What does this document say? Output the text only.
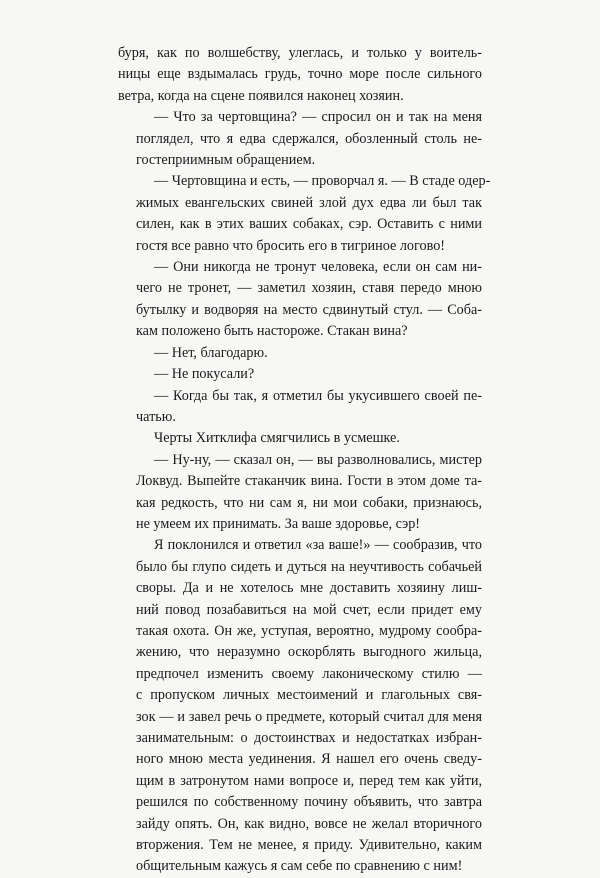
буря, как по волшебству, улеглась, и только у воитель-
ницы еще вздымалась грудь, точно море после сильного
ветра, когда на сцене появился наконец хозяин.

— Что за чертовщина? — спросил он и так на меня
поглядел, что я едва сдержался, обозленный столь не-
гостеприимным обращением.

— Чертовщина и есть, — проворчал я. — В стаде одер-
жимых евангельских свиней злой дух едва ли был так
силен, как в этих ваших собаках, сэр. Оставить с ними
гостя все равно что бросить его в тигриное логово!

— Они никогда не тронут человека, если он сам ни-
чего не тронет, — заметил хозяин, ставя передо мною
бутылку и водворяя на место сдвинутый стул. — Соба-
кам положено быть настороже. Стакан вина?

— Нет, благодарю.

— Не покусали?

— Когда бы так, я отметил бы укусившего своей пе-
чатью.

Черты Хитклифа смягчились в усмешке.

— Ну-ну, — сказал он, — вы разволновались, мистер
Локвуд. Выпейте стаканчик вина. Гости в этом доме та-
кая редкость, что ни сам я, ни мои собаки, признаюсь,
не умеем их принимать. За ваше здоровье, сэр!

Я поклонился и ответил «за ваше!» — сообразив, что
было бы глупо сидеть и дуться на неучтивость собачьей
своры. Да и не хотелось мне доставить хозяину лиш-
ний повод позабавиться на мой счет, если придет ему
такая охота. Он же, уступая, вероятно, мудрому сообра-
жению, что неразумно оскорблять выгодного жильца,
предпочел изменить своему лаконическому стилю —
с пропуском личных местоимений и глагольных свя-
зок — и завел речь о предмете, который считал для меня
занимательным: о достоинствах и недостатках избран-
ного мною места уединения. Я нашел его очень сведу-
щим в затронутом нами вопросе и, перед тем как уйти,
решился по собственному почину объявить, что завтра
зайду опять. Он, как видно, вовсе не желал вторичного
вторжения. Тем не менее, я приду. Удивительно, каким
общительным кажусь я сам себе по сравнению с ним!
